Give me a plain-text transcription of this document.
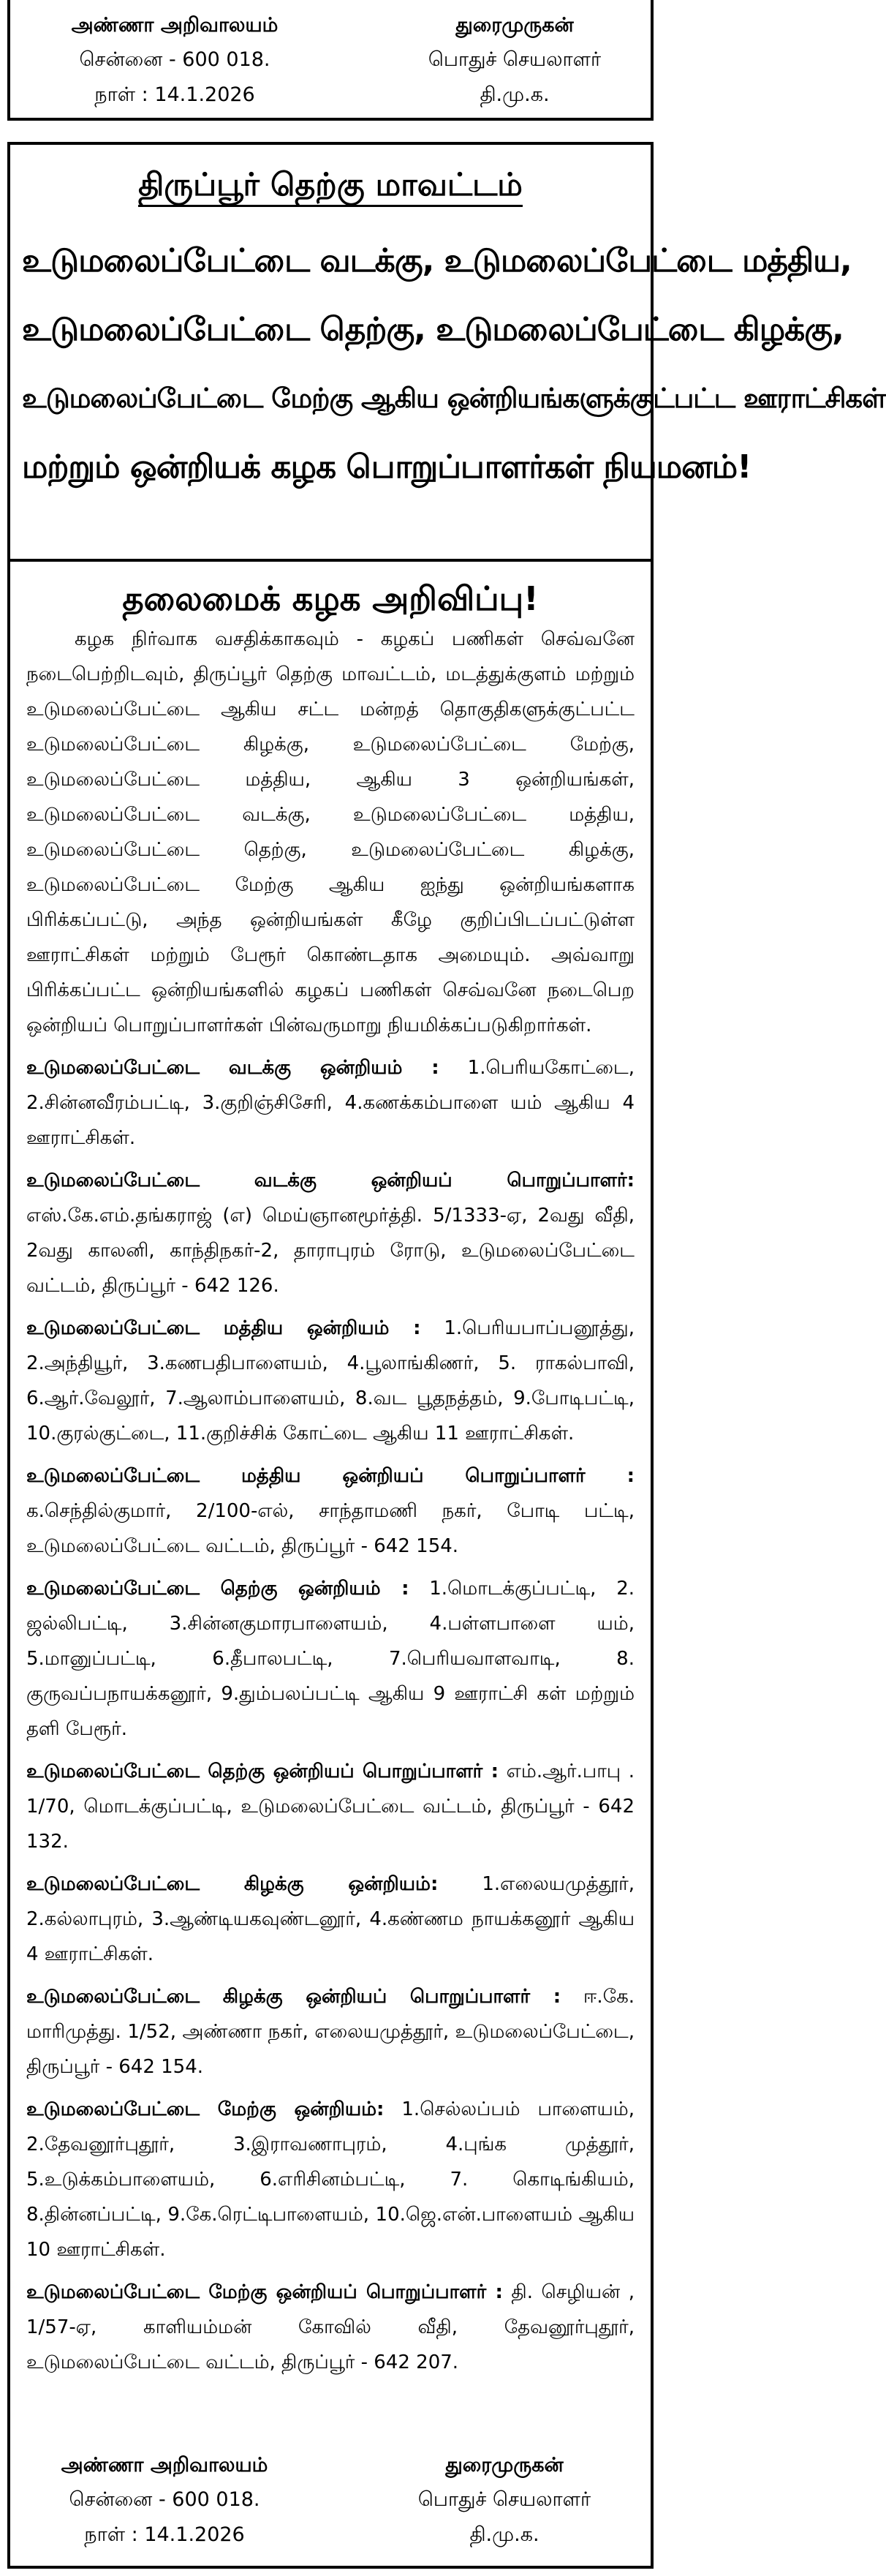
அண்ணா அறிவாலயம்
சென்னை - 600 018.
நாள் : 14.1.2026
துரைமுருகன்
பொதுச் செயலாளர்
தி.மு.க.
திருப்பூர் தெற்கு மாவட்டம்
உடுமலைப்பேட்டை வடக்கு, உடுமலைப்பேட்டை மத்திய,
உடுமலைப்பேட்டை தெற்கு, உடுமலைப்பேட்டை கிழக்கு,
உடுமலைப்பேட்டை மேற்கு ஆகிய ஒன்றியங்களுக்குட்பட்ட ஊராட்சிகள்
மற்றும் ஒன்றியக் கழக பொறுப்பாளர்கள் நியமனம்!
தலைமைக் கழக அறிவிப்பு!

கழக நிர்வாக வசதிக்காகவும் - கழகப் பணிகள் செவ்வனே நடைபெற்றிடவும், திருப்பூர் தெற்கு மாவட்டம், மடத்துக்குளம் மற்றும் உடுமலைப்பேட்டை ஆகிய சட்ட மன்றத் தொகுதிகளுக்குட்பட்ட உடுமலைப்பேட்டை கிழக்கு, உடுமலைப்பேட்டை மேற்கு, உடுமலைப்பேட்டை மத்திய, ஆகிய 3 ஒன்றியங்கள், உடுமலைப்பேட்டை வடக்கு, உடுமலைப்பேட்டை மத்திய, உடுமலைப்பேட்டை தெற்கு, உடுமலைப்பேட்டை கிழக்கு, உடுமலைப்பேட்டை மேற்கு ஆகிய ஐந்து ஒன்றியங்களாக பிரிக்கப்பட்டு, அந்த ஒன்றியங்கள் கீழே குறிப்பிடப்பட்டுள்ள ஊராட்சிகள் மற்றும் பேரூர் கொண்டதாக அமையும். அவ்வாறு பிரிக்கப்பட்ட ஒன்றியங்களில் கழகப் பணிகள் செவ்வனே நடைபெற ஒன்றியப் பொறுப்பாளர்கள் பின்வருமாறு நியமிக்கப்படுகிறார்கள்.

உடுமலைப்பேட்டை வடக்கு ஒன்றியம் : 1.பெரியகோட்டை, 2.சின்னவீரம்பட்டி, 3.குறிஞ்சிசேரி, 4.கணக்கம்பாளை யம் ஆகிய 4 ஊராட்சிகள்.

உடுமலைப்பேட்டை வடக்கு ஒன்றியப் பொறுப்பாளர்: எஸ்.கே.எம்.தங்கராஜ் (எ) மெய்ஞானமூர்த்தி. 5/1333-ஏ, 2வது வீதி, 2வது காலனி, காந்திநகர்-2, தாராபுரம் ரோடு, உடுமலைப்பேட்டை வட்டம், திருப்பூர் - 642 126.

உடுமலைப்பேட்டை மத்திய ஒன்றியம் : 1.பெரியபாப்பனூத்து, 2.அந்தியூர், 3.கணபதிபாளையம், 4.பூலாங்கிணர், 5. ராகல்பாவி, 6.ஆர்.வேலூர், 7.ஆலாம்பாளையம், 8.வட பூதநத்தம், 9.போடிபட்டி, 10.குரல்குட்டை, 11.குறிச்சிக் கோட்டை ஆகிய 11 ஊராட்சிகள்.

உடுமலைப்பேட்டை மத்திய ஒன்றியப் பொறுப்பாளர் : க.செந்தில்குமார், 2/100-எல், சாந்தாமணி நகர், போடி பட்டி, உடுமலைப்பேட்டை வட்டம், திருப்பூர் - 642 154.

உடுமலைப்பேட்டை தெற்கு ஒன்றியம் : 1.மொடக்குப்பட்டி, 2. ஜல்லிபட்டி, 3.சின்னகுமாரபாளையம், 4.பள்ளபாளை யம், 5.மானுப்பட்டி, 6.தீபாலபட்டி, 7.பெரியவாளவாடி, 8. குருவப்பநாயக்கனூர், 9.தும்பலப்பட்டி ஆகிய 9 ஊராட்சி கள் மற்றும் தளி பேரூர்.

உடுமலைப்பேட்டை தெற்கு ஒன்றியப் பொறுப்பாளர் : எம்.ஆர்.பாபு . 1/70, மொடக்குப்பட்டி, உடுமலைப்பேட்டை வட்டம், திருப்பூர் - 642 132.

உடுமலைப்பேட்டை கிழக்கு ஒன்றியம்: 1.எலையமுத்தூர், 2.கல்லாபுரம், 3.ஆண்டியகவுண்டனூர், 4.கண்ணம நாயக்கனூர் ஆகிய 4 ஊராட்சிகள்.

உடுமலைப்பேட்டை கிழக்கு ஒன்றியப் பொறுப்பாளர் : ஈ.கே. மாரிமுத்து. 1/52, அண்ணா நகர், எலையமுத்தூர், உடுமலைப்பேட்டை, திருப்பூர் - 642 154.

உடுமலைப்பேட்டை மேற்கு ஒன்றியம்: 1.செல்லப்பம் பாளையம், 2.தேவனூர்புதூர், 3.இராவணாபுரம், 4.புங்க முத்தூர், 5.உடுக்கம்பாளையம், 6.எரிசினம்பட்டி, 7. கொடிங்கியம், 8.தின்னப்பட்டி, 9.கே.ரெட்டிபாளையம், 10.ஜெ.என்.பாளையம் ஆகிய 10 ஊராட்சிகள்.

உடுமலைப்பேட்டை மேற்கு ஒன்றியப் பொறுப்பாளர் : தி. செழியன் , 1/57-ஏ, காளியம்மன் கோவில் வீதி, தேவனூர்புதூர், உடுமலைப்பேட்டை வட்டம், திருப்பூர் - 642 207.

அண்ணா அறிவாலயம்
சென்னை - 600 018.
நாள் : 14.1.2026
துரைமுருகன்
பொதுச் செயலாளர்
தி.மு.க.
